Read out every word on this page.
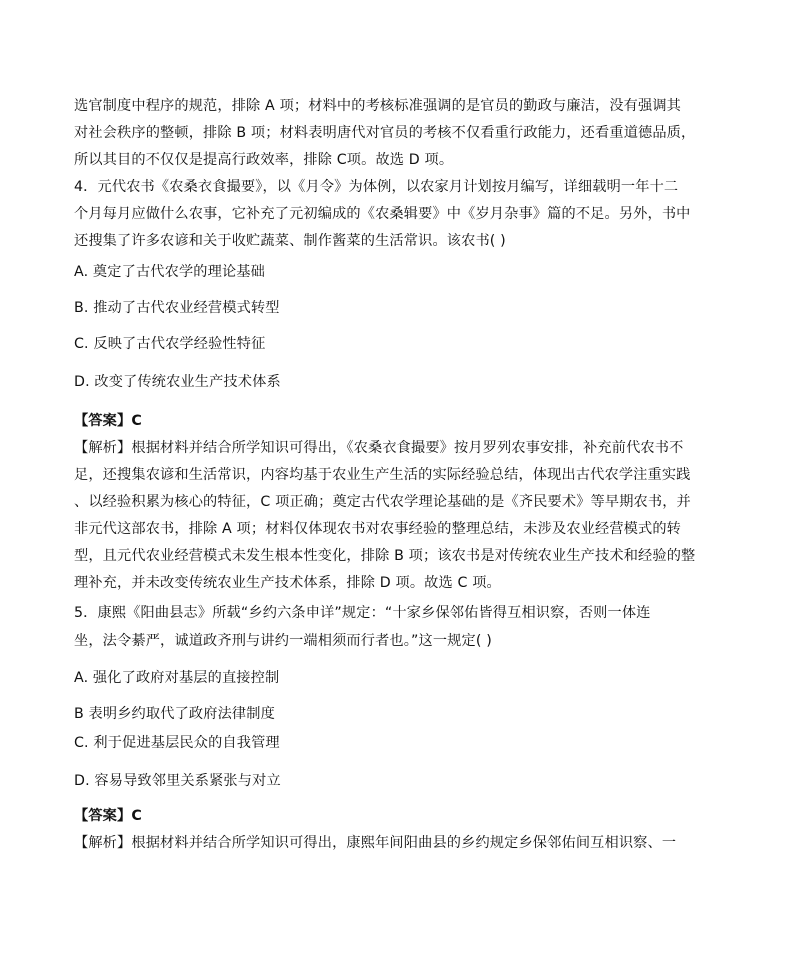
选官制度中程序的规范，排除 A 项；材料中的考核标准强调的是官员的勤政与廉洁，没有强调其
对社会秩序的整顿，排除 B 项；材料表明唐代对官员的考核不仅看重行政能力，还看重道德品质，
所以其目的不仅仅是提高行政效率，排除 C项。故选 D 项。
4．元代农书《农桑衣食撮要》，以《月令》为体例，以农家月计划按月编写，详细载明一年十二
个月每月应做什么农事，它补充了元初编成的《农桑辑要》中《岁月杂事》篇的不足。另外，书中
还搜集了许多农谚和关于收贮蔬菜、制作酱菜的生活常识。该农书( )
A. 奠定了古代农学的理论基础
B. 推动了古代农业经营模式转型
C. 反映了古代农学经验性特征
D. 改变了传统农业生产技术体系
【答案】C
【解析】根据材料并结合所学知识可得出，《农桑衣食撮要》按月罗列农事安排，补充前代农书不
足，还搜集农谚和生活常识，内容均基于农业生产生活的实际经验总结，体现出古代农学注重实践
、以经验积累为核心的特征，C 项正确；奠定古代农学理论基础的是《齐民要术》等早期农书，并
非元代这部农书，排除 A 项；材料仅体现农书对农事经验的整理总结，未涉及农业经营模式的转
型，且元代农业经营模式未发生根本性变化，排除 B 项；该农书是对传统农业生产技术和经验的整
理补充，并未改变传统农业生产技术体系，排除 D 项。故选 C 项。
5．康熙《阳曲县志》所载“乡约六条申详”规定：“十家乡保邻佑皆得互相识察，否则一体连
坐，法令綦严，诚道政齐刑与讲约一端相须而行者也。”这一规定( )
A. 强化了政府对基层的直接控制
B 表明乡约取代了政府法律制度
C. 利于促进基层民众的自我管理
D. 容易导致邻里关系紧张与对立
【答案】C
【解析】根据材料并结合所学知识可得出，康熙年间阳曲县的乡约规定乡保邻佑间互相识察、一
